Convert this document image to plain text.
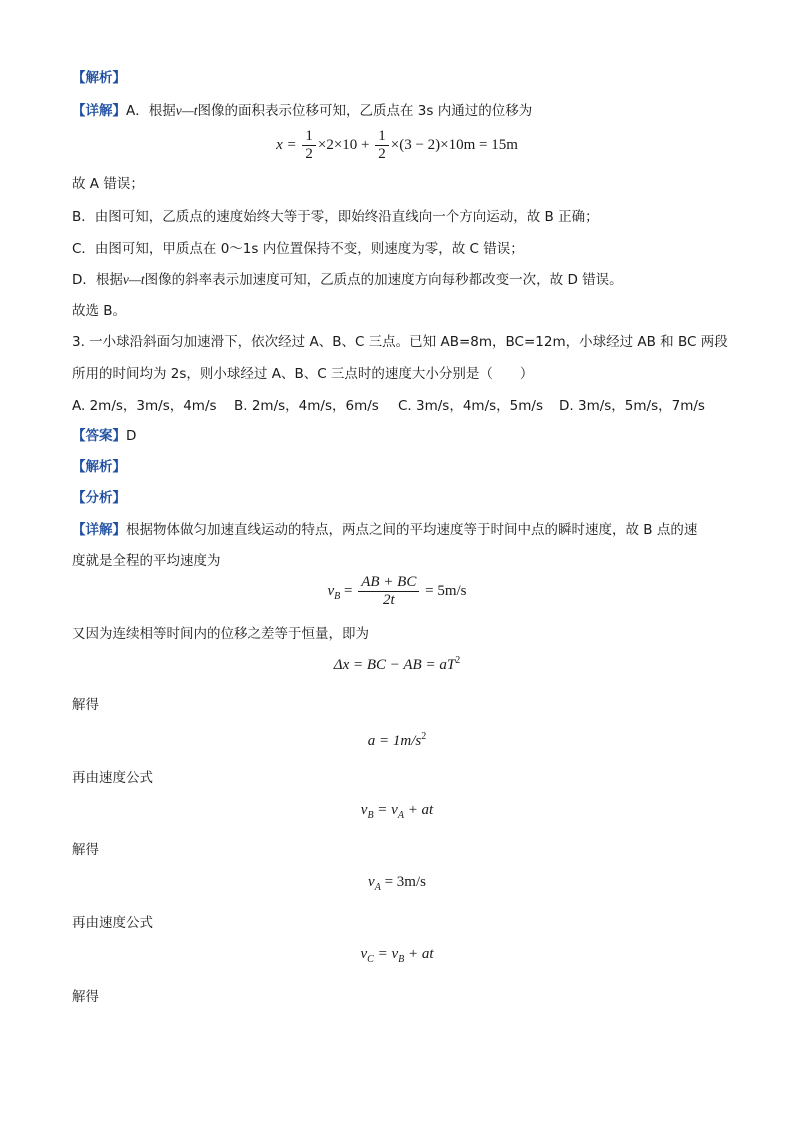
【解析】
【详解】A．根据v—t图像的面积表示位移可知，乙质点在 3s 内通过的位移为
$x = \frac{1}{2} \times 2\times 10 + \frac{1}{2} \times(3 - 2)\times 10m = 15m$
故 A 错误；
B．由图可知，乙质点的速度始终大等于零，即始终沿直线向一个方向运动，故 B 正确；
C．由图可知，甲质点在 0～1s 内位置保持不变，则速度为零，故 C 错误；
D．根据v—t图像的斜率表示加速度可知，乙质点的加速度方向每秒都改变一次，故 D 错误。
故选 B。
3. 一小球沿斜面匀加速滑下，依次经过 A、B、C 三点。已知 AB=8m，BC=12m，小球经过 AB 和 BC 两段
所用的时间均为 2s，则小球经过 A、B、C 三点时的速度大小分别是（　　）
A. 2m/s，3m/s，4m/s B. 2m/s，4m/s，6m/s C. 3m/s，4m/s，5m/s D. 3m/s，5m/s，7m/s
【答案】D
【解析】
【分析】
【详解】根据物体做匀加速直线运动的特点，两点之间的平均速度等于时间中点的瞬时速度，故 B 点的速
度就是全程的平均速度为
$v_B = \frac{AB + BC}{2t} = 5m/s$
又因为连续相等时间内的位移之差等于恒量，即为
Δx = BC − AB = $aT^2$
解得
$a = 1m/s^2$
再由速度公式
$v_B = v_A$ + at
解得
$v_A = 3m/s$
再由速度公式
$v_C = v_B$ + at
解得
